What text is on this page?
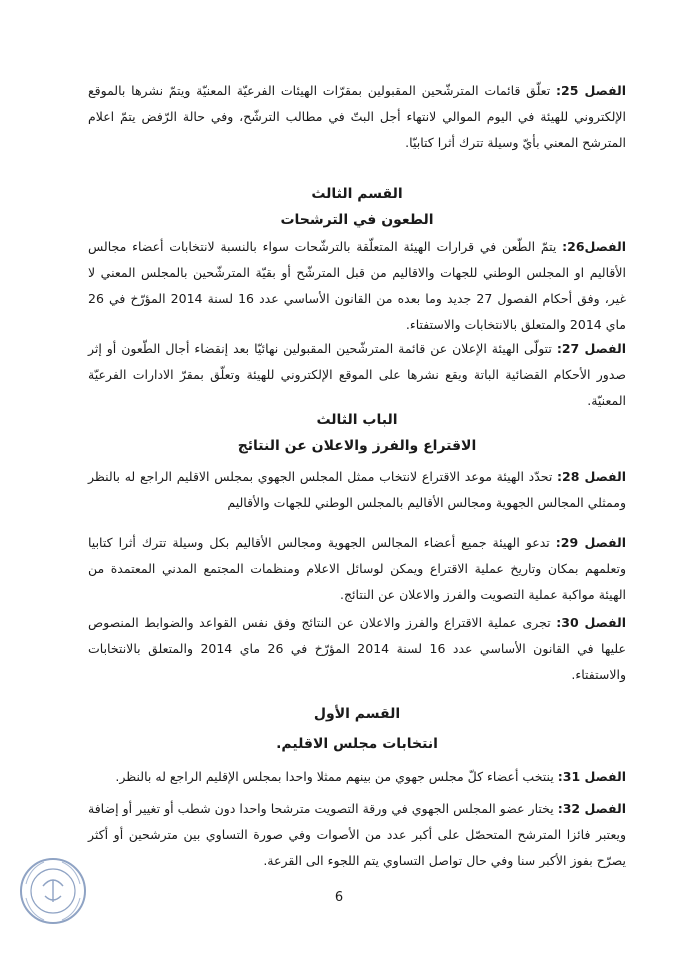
الفصل 25: تعلّق قائمات المترشّحين المقبولين بمقرّات الهيئات الفرعيّة المعنيّة ويتمّ نشرها بالموقع الإلكتروني للهيئة في اليوم الموالي لانتهاء أجل البتّ في مطالب الترشّح، وفي حالة الرّفض يتمّ اعلام المترشح المعني بأيّ وسيلة تترك أثرا كتابيّا.
القسم الثالث
الطعون في الترشحات
الفصل26: يتمّ الطّعن في قرارات الهيئة المتعلّقة بالترشّحات سواء بالنسبة لانتخابات أعضاء مجالس الأقاليم او المجلس الوطني للجهات والاقاليم من قبل المترشّح أو بقيّة المترشّحين بالمجلس المعني لا غير، وفق أحكام الفصول 27 جديد وما بعده من القانون الأساسي عدد 16 لسنة 2014 المؤرّخ في 26 ماي 2014 والمتعلق بالانتخابات والاستفتاء.
الفصل 27: تتولّى الهيئة الإعلان عن قائمة المترشّحين المقبولين نهائيّا بعد إنقضاء أجال الطّعون أو إثر صدور الأحكام القضائية الباتة ويقع نشرها على الموقع الإلكتروني للهيئة وتعلّق بمقرّ الادارات الفرعيّة المعنيّة.
الباب الثالث
الاقتراع والفرز والاعلان عن النتائج
الفصل 28: تحدّد الهيئة موعد الاقتراع لانتخاب ممثل المجلس الجهوي بمجلس الاقليم الراجع له بالنظر وممثلي المجالس الجهوية ومجالس الأقاليم بالمجلس الوطني للجهات والأقاليم
الفصل 29: تدعو الهيئة جميع أعضاء المجالس الجهوية ومجالس الأقاليم بكل وسيلة تترك أثرا كتابيا وتعلمهم بمكان وتاريخ عملية الاقتراع ويمكن لوسائل الاعلام ومنظمات المجتمع المدني المعتمدة من الهيئة مواكبة عملية التصويت والفرز والاعلان عن النتائج.
الفصل 30: تجرى عملية الاقتراع والفرز والاعلان عن النتائج وفق نفس القواعد والضوابط المنصوص عليها في القانون الأساسي عدد 16 لسنة 2014 المؤرّخ في 26 ماي 2014 والمتعلق بالانتخابات والاستفتاء.
القسم الأول
انتخابات مجلس الاقليم.
الفصل 31: ينتخب أعضاء كلّ مجلس جهوي من بينهم ممثلا واحدا بمجلس الإقليم الراجع له بالنظر.
الفصل 32: يختار عضو المجلس الجهوي في ورقة التصويت مترشحا واحدا دون شطب أو تغيير أو إضافة ويعتبر فائزا المترشح المتحصّل على أكبر عدد من الأصوات وفي صورة التساوي بين مترشحين أو أكثر يصرّح بفوز الأكبر سنا وفي حال تواصل التساوي يتم اللجوء الى القرعة.
6
